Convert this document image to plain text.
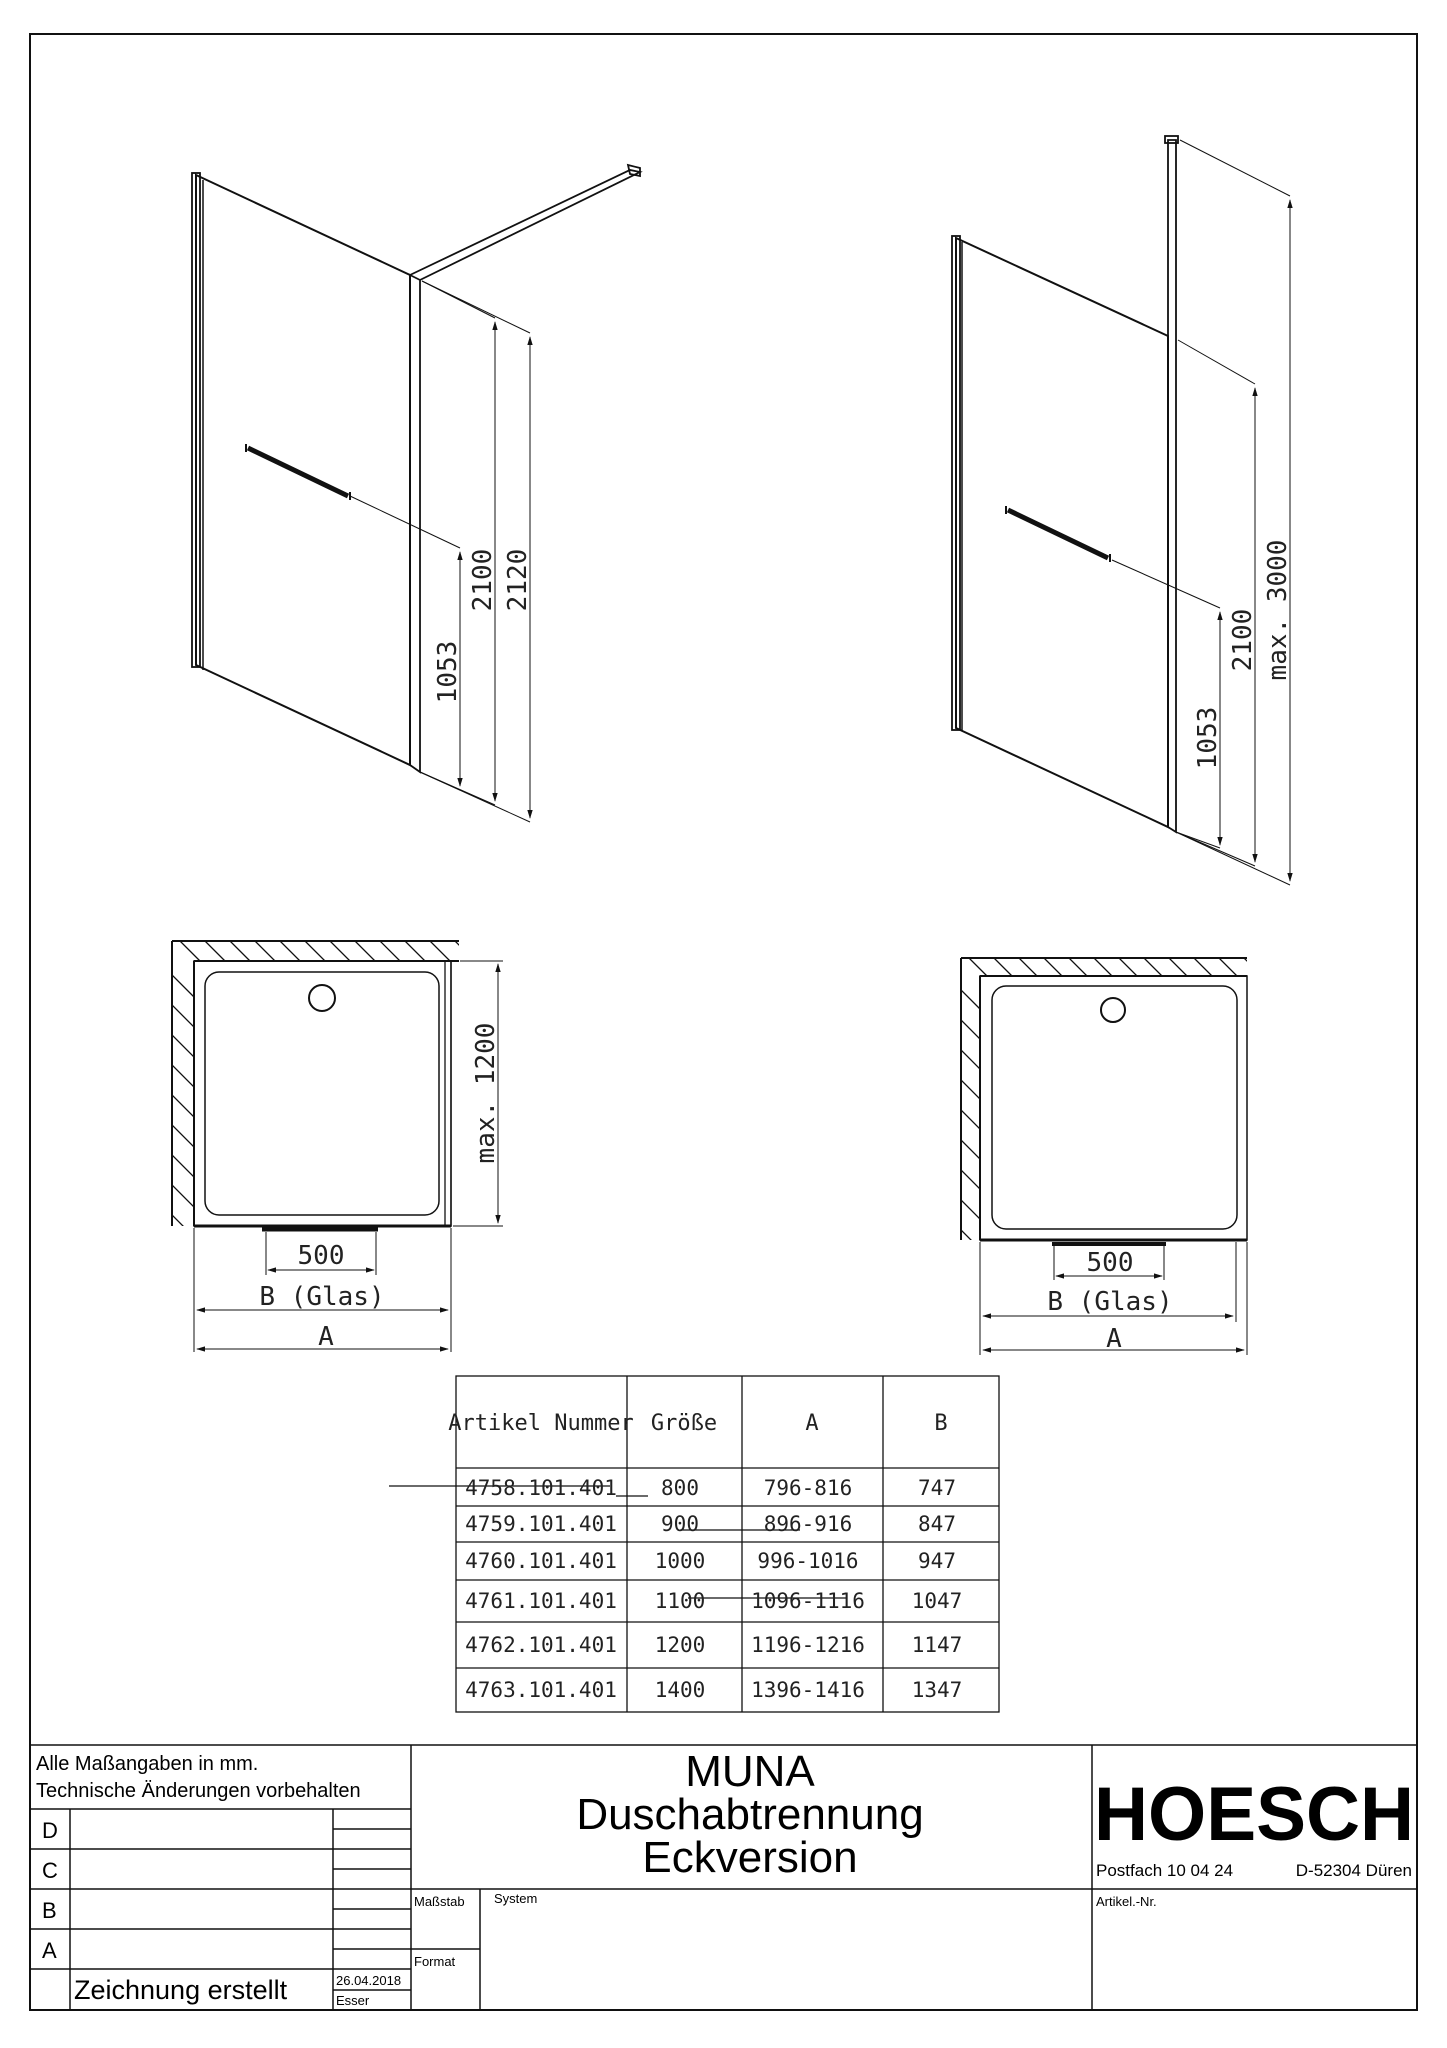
1053
2100 2120
1053
2100 max. 3000
max. 1200
500
B (Glas)
A
500
B (Glas)
A
Artikel Nummer Größe	A	B
4758.101.401 800	796-816	747
4759.101.401 900	896-916	847
4760.101.401 1000 996-1016	947
4761.101.401 1100 1096-1116 1047
4762.101.401 1200 1196-1216 1147
4763.101.401 1400 1396-1416 1347
Alle Maßangaben in mm.
Technische Änderungen vorbehalten
D
C
B
A
Zeichnung erstellt	26.04.2018
Esser
Maßstab
Format
System
MUNA
Duschabtrennung
Eckversion
HOESCH
Postfach 10 04 24	D-52304 Düren
Artikel.-Nr.
